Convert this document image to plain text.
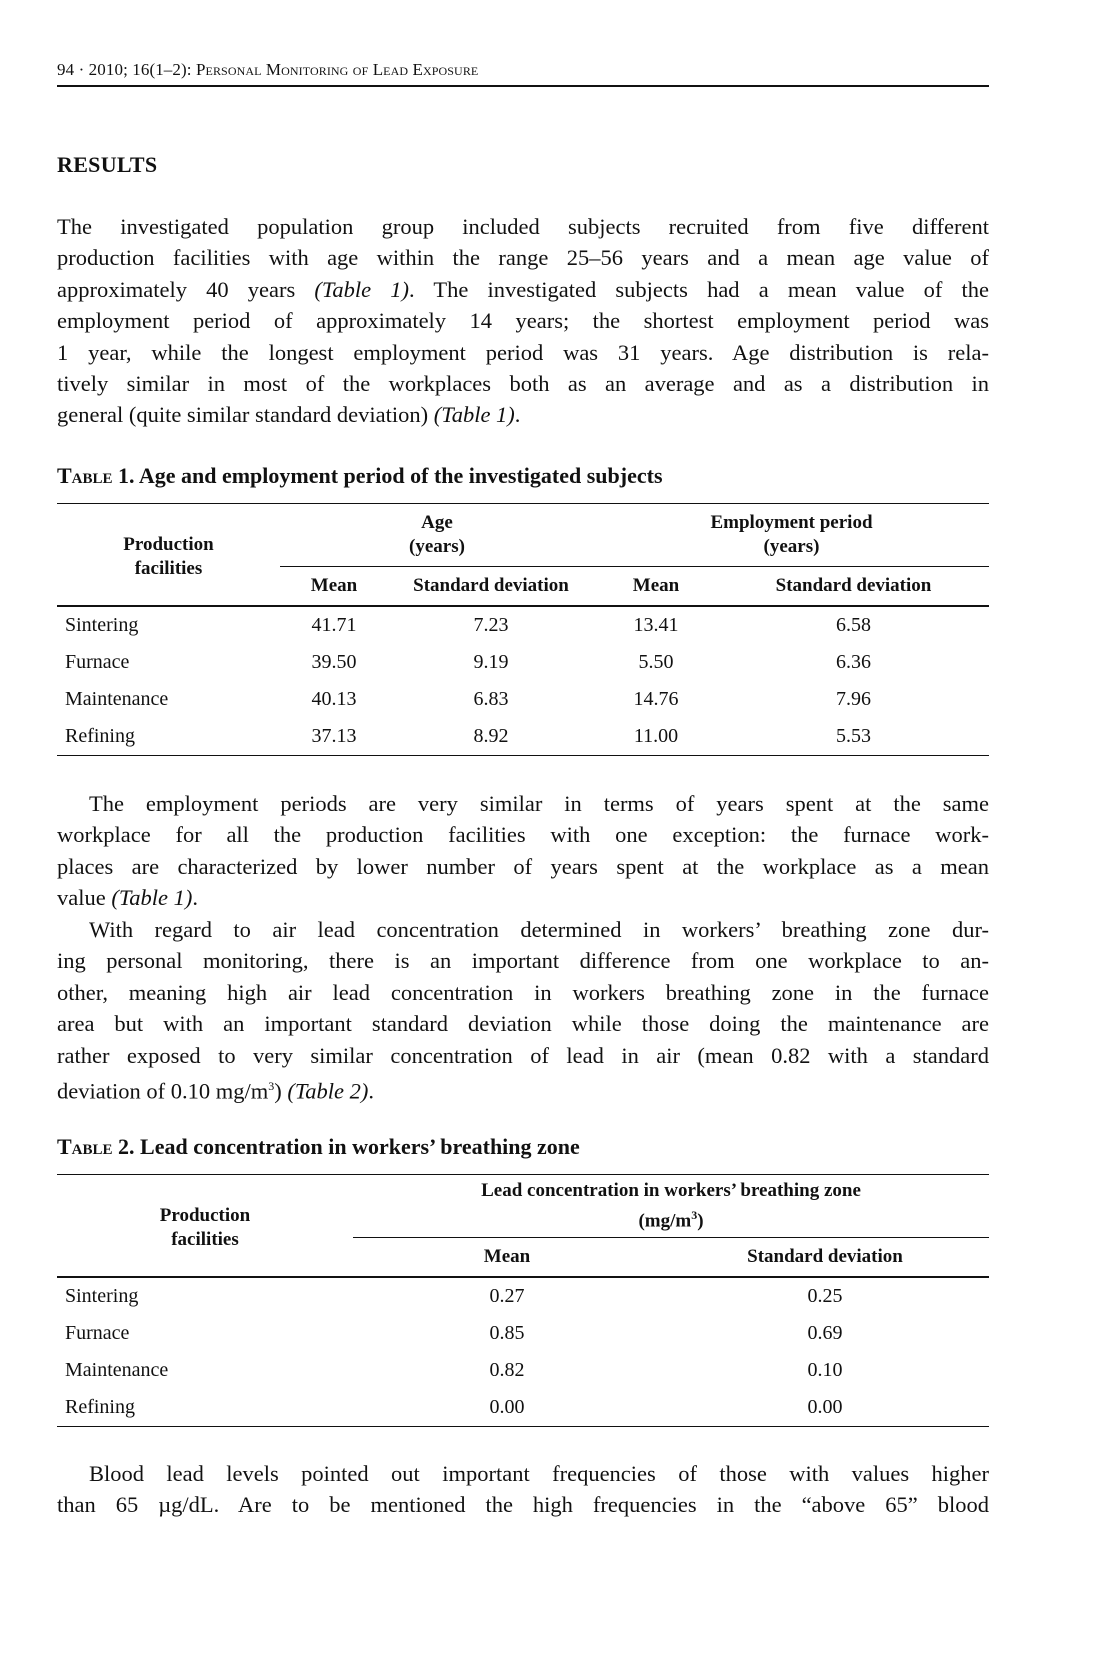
94 · 2010; 16(1–2): Personal Monitoring of Lead Exposure
RESULTS
The investigated population group included subjects recruited from five different
production facilities with age within the range 25–56 years and a mean age value of
approximately 40 years (Table 1). The investigated subjects had a mean value of the
employment period of approximately 14 years; the shortest employment period was
1 year, while the longest employment period was 31 years. Age distribution is rela-
tively similar in most of the workplaces both as an average and as a distribution in
general (quite similar standard deviation) (Table 1).
Table 1. Age and employment period of the investigated subjects
Production
facilities	Age
(years)		Employment period
(years)	
	Mean	Standard deviation	Mean	Standard deviation
Sintering	41.71	7.23	13.41	6.58
Furnace	39.50	9.19	5.50	6.36
Maintenance	40.13	6.83	14.76	7.96
Refining	37.13	8.92	11.00	5.53
The employment periods are very similar in terms of years spent at the same
workplace for all the production facilities with one exception: the furnace work-
places are characterized by lower number of years spent at the workplace as a mean
value (Table 1).
With regard to air lead concentration determined in workers’ breathing zone dur-
ing personal monitoring, there is an important difference from one workplace to an-
other, meaning high air lead concentration in workers breathing zone in the furnace
area but with an important standard deviation while those doing the maintenance are
rather exposed to very similar concentration of lead in air (mean 0.82 with a standard
deviation of 0.10 $mg/m^3$) (Table 2).
Table 2. Lead concentration in workers’ breathing zone
Production
facilities	Lead concentration in workers’ breathing zone
$(mg/m^3)$	
	Mean	Standard deviation
Sintering	0.27	0.25
Furnace	0.85	0.69
Maintenance	0.82	0.10
Refining	0.00	0.00
Blood lead levels pointed out important frequencies of those with values higher
than 65 µg/dL. Are to be mentioned the high frequencies in the “above 65” blood
